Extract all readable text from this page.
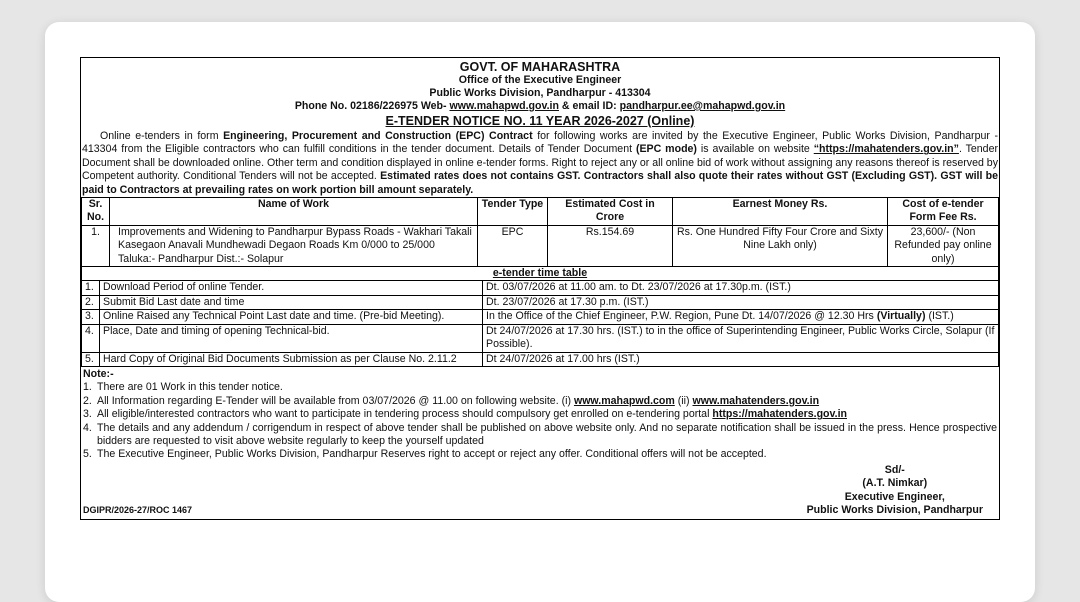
GOVT. OF MAHARASHTRA
Office of the Executive Engineer
Public Works Division, Pandharpur - 413304
Phone No. 02186/226975 Web- www.mahapwd.gov.in & email ID: pandharpur.ee@mahapwd.gov.in
E-TENDER NOTICE NO. 11 YEAR 2026-2027 (Online)
Online e-tenders in form Engineering, Procurement and Construction (EPC) Contract for following works are invited by the Executive Engineer, Public Works Division, Pandharpur - 413304 from the Eligible contractors who can fulfill conditions in the tender document. Details of Tender Document (EPC mode) is available on website “https://mahatenders.gov.in”. Tender Document shall be downloaded online. Other term and condition displayed in online e-tender forms. Right to reject any or all online bid of work without assigning any reasons thereof is reserved by Competent authority. Conditional Tenders will not be accepted. Estimated rates does not contains GST. Contractors shall also quote their rates without GST (Excluding GST). GST will be paid to Contractors at prevailing rates on work portion bill amount separately.
Sr. No.	Name of Work	Tender Type	Estimated Cost in Crore	Earnest Money Rs.	Cost of e-tender Form Fee Rs.
1.	Improvements and Widening to Pandharpur Bypass Roads - Wakhari Takali Kasegaon Anavali Mundhewadi Degaon Roads Km 0/000 to 25/000 Taluka:- Pandharpur Dist.:- Solapur	EPC	Rs.154.69	Rs. One Hundred Fifty Four Crore and Sixty Nine Lakh only)	23,600/- (Non Refunded pay online only)
e-tender time table		
1.	Download Period of online Tender.	Dt. 03/07/2026 at 11.00 am. to Dt. 23/07/2026 at 17.30p.m. (IST.)
2.	Submit Bid Last date and time	Dt. 23/07/2026 at 17.30 p.m. (IST.)
3.	Online Raised any Technical Point Last date and time. (Pre-bid Meeting).	In the Office of the Chief Engineer, P.W. Region, Pune Dt. 14/07/2026 @ 12.30 Hrs (Virtually) (IST.)
4.	Place, Date and timing of opening Technical-bid.	Dt 24/07/2026 at 17.30 hrs. (IST.) to in the office of Superintending Engineer, Public Works Circle, Solapur (If Possible).
5.	Hard Copy of Original Bid Documents Submission as per Clause No. 2.11.2	Dt 24/07/2026 at 17.00 hrs (IST.)
Note:-
1. There are 01 Work in this tender notice.
2. All Information regarding E-Tender will be available from 03/07/2026 @ 11.00 on following website. (i) www.mahapwd.com (ii) www.mahatenders.gov.in
3. All eligible/interested contractors who want to participate in tendering process should compulsory get enrolled on e-tendering portal https://mahatenders.gov.in
4. The details and any addendum / corrigendum in respect of above tender shall be published on above website only. And no separate notification shall be issued in the press. Hence prospective bidders are requested to visit above website regularly to keep the yourself updated
5. The Executive Engineer, Public Works Division, Pandharpur Reserves right to accept or reject any offer. Conditional offers will not be accepted.
DGIPR/2026-27/ROC 1467
Sd/-
(A.T. Nimkar)
Executive Engineer,
Public Works Division, Pandharpur
